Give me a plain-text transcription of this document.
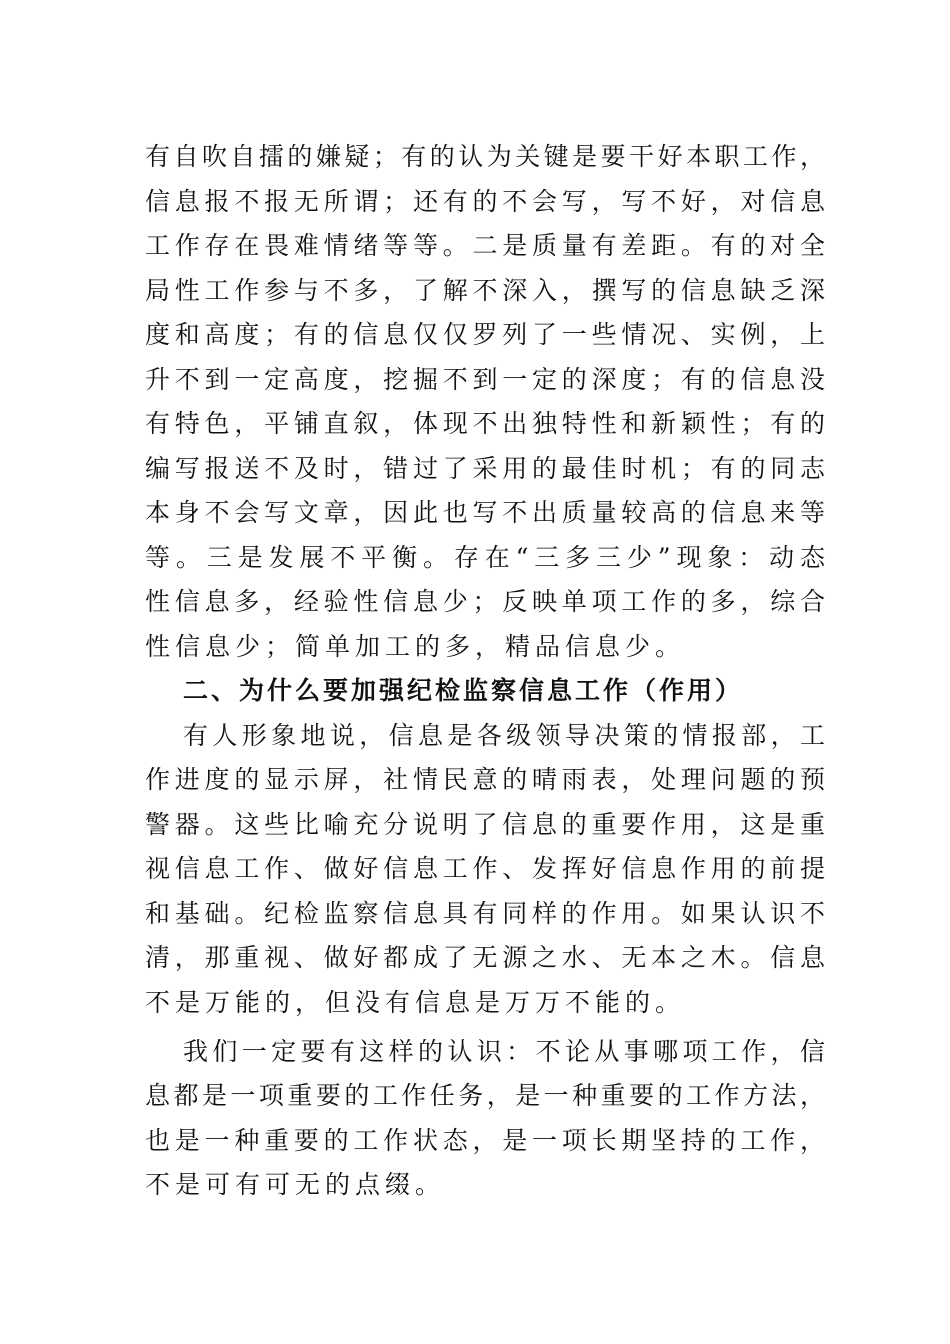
有自吹自擂的嫌疑；有的认为关键是要干好本职工作，
信息报不报无所谓；还有的不会写，写不好，对信息
工作存在畏难情绪等等。二是质量有差距。有的对全
局性工作参与不多，了解不深入，撰写的信息缺乏深
度和高度；有的信息仅仅罗列了一些情况、实例，上
升不到一定高度，挖掘不到一定的深度；有的信息没
有特色，平铺直叙，体现不出独特性和新颖性；有的
编写报送不及时，错过了采用的最佳时机；有的同志
本身不会写文章，因此也写不出质量较高的信息来等
等。三是发展不平衡。存在“三多三少”现象：动态
性信息多，经验性信息少；反映单项工作的多，综合
性信息少；简单加工的多，精品信息少。
二、为什么要加强纪检监察信息工作（作用）
有人形象地说，信息是各级领导决策的情报部，工
作进度的显示屏，社情民意的晴雨表，处理问题的预
警器。这些比喻充分说明了信息的重要作用，这是重
视信息工作、做好信息工作、发挥好信息作用的前提
和基础。纪检监察信息具有同样的作用。如果认识不
清，那重视、做好都成了无源之水、无本之木。信息
不是万能的，但没有信息是万万不能的。
我们一定要有这样的认识：不论从事哪项工作，信
息都是一项重要的工作任务，是一种重要的工作方法，
也是一种重要的工作状态，是一项长期坚持的工作，
不是可有可无的点缀。
